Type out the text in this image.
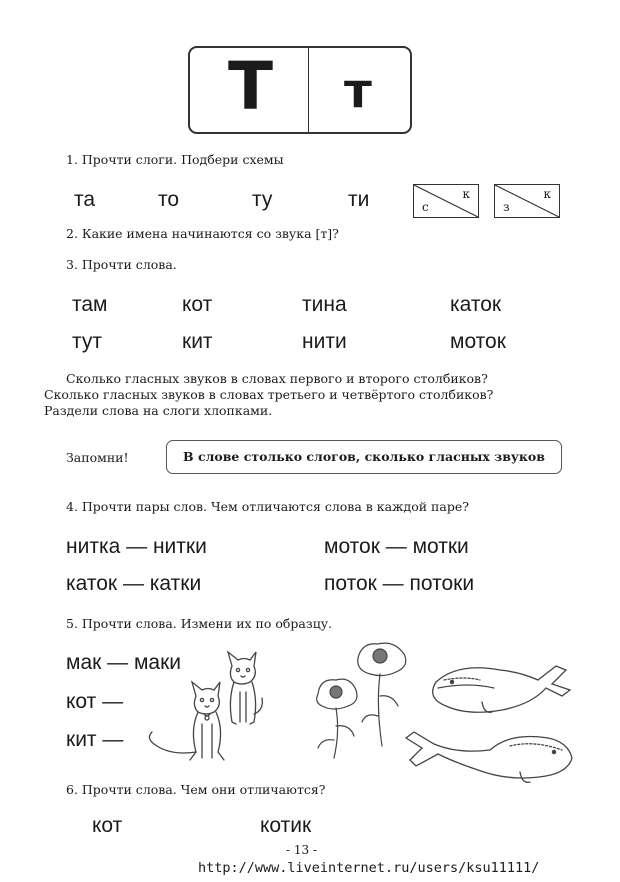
Т т
1. Прочти слоги. Подбери схемы
та	то	ту	ти	с
к
з
к
2. Какие имена начинаются со звука [т]?
3. Прочти слова.
там	кот	тина	каток
тут	кит	нити	моток
Сколько гласных звуков в словах первого и второго столбиков?
Сколько гласных звуков в словах третьего и четвёртого столбиков?
Раздели слова на слоги хлопками.
Запомни!	В слове столько слогов, сколько гласных звуков
4. Прочти пары слов. Чем отличаются слова в каждой паре?
нитка — нитки	моток — мотки
каток — катки	поток — потоки
5. Прочти слова. Измени их по образцу.
мак — маки
кот —
кит —
6. Прочти слова. Чем они отличаются?
кот	котик
- 13 -
http://www.liveinternet.ru/users/ksu11111/
